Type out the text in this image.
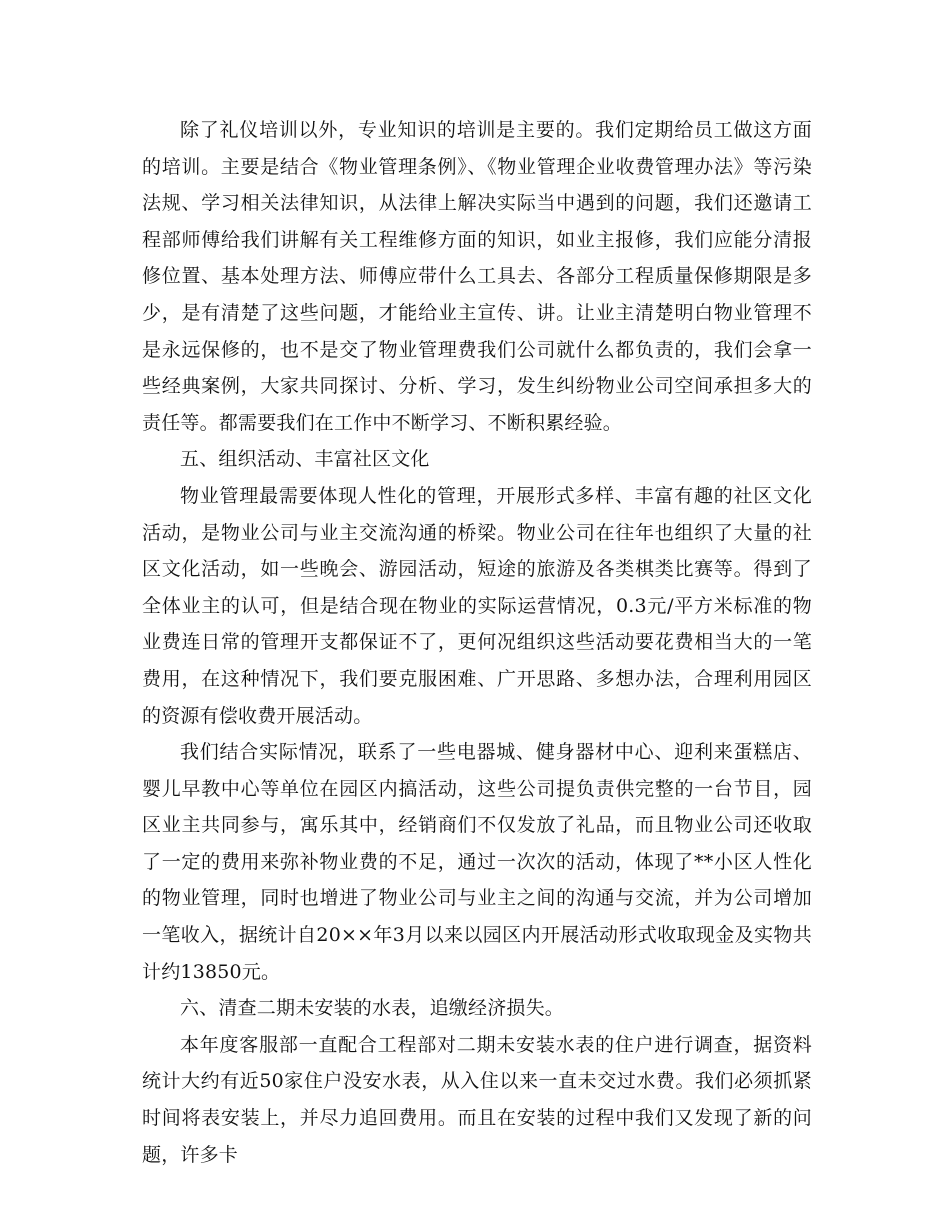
除了礼仪培训以外，专业知识的培训是主要的。我们定期给员工做这方面的培训。主要是结合《物业管理条例》、《物业管理企业收费管理办法》等污染法规、学习相关法律知识，从法律上解决实际当中遇到的问题，我们还邀请工程部师傅给我们讲解有关工程维修方面的知识，如业主报修，我们应能分清报修位置、基本处理方法、师傅应带什么工具去、各部分工程质量保修期限是多少，是有清楚了这些问题，才能给业主宣传、讲。让业主清楚明白物业管理不是永远保修的，也不是交了物业管理费我们公司就什么都负责的，我们会拿一些经典案例，大家共同探讨、分析、学习，发生纠纷物业公司空间承担多大的责任等。都需要我们在工作中不断学习、不断积累经验。

五、组织活动、丰富社区文化

物业管理最需要体现人性化的管理，开展形式多样、丰富有趣的社区文化活动，是物业公司与业主交流沟通的桥梁。物业公司在往年也组织了大量的社区文化活动，如一些晚会、游园活动，短途的旅游及各类棋类比赛等。得到了全体业主的认可，但是结合现在物业的实际运营情况，0.3元/平方米标准的物业费连日常的管理开支都保证不了，更何况组织这些活动要花费相当大的一笔费用，在这种情况下，我们要克服困难、广开思路、多想办法，合理利用园区的资源有偿收费开展活动。

我们结合实际情况，联系了一些电器城、健身器材中心、迎利来蛋糕店、婴儿早教中心等单位在园区内搞活动，这些公司提负责供完整的一台节目，园区业主共同参与，寓乐其中，经销商们不仅发放了礼品，而且物业公司还收取了一定的费用来弥补物业费的不足，通过一次次的活动，体现了**小区人性化的物业管理，同时也增进了物业公司与业主之间的沟通与交流，并为公司增加一笔收入，据统计自20××年3月以来以园区内开展活动形式收取现金及实物共计约13850元。

六、清查二期未安装的水表，追缴经济损失。

本年度客服部一直配合工程部对二期未安装水表的住户进行调查，据资料统计大约有近50家住户没安水表，从入住以来一直未交过水费。我们必须抓紧时间将表安装上，并尽力追回费用。而且在安装的过程中我们又发现了新的问题，许多卡
